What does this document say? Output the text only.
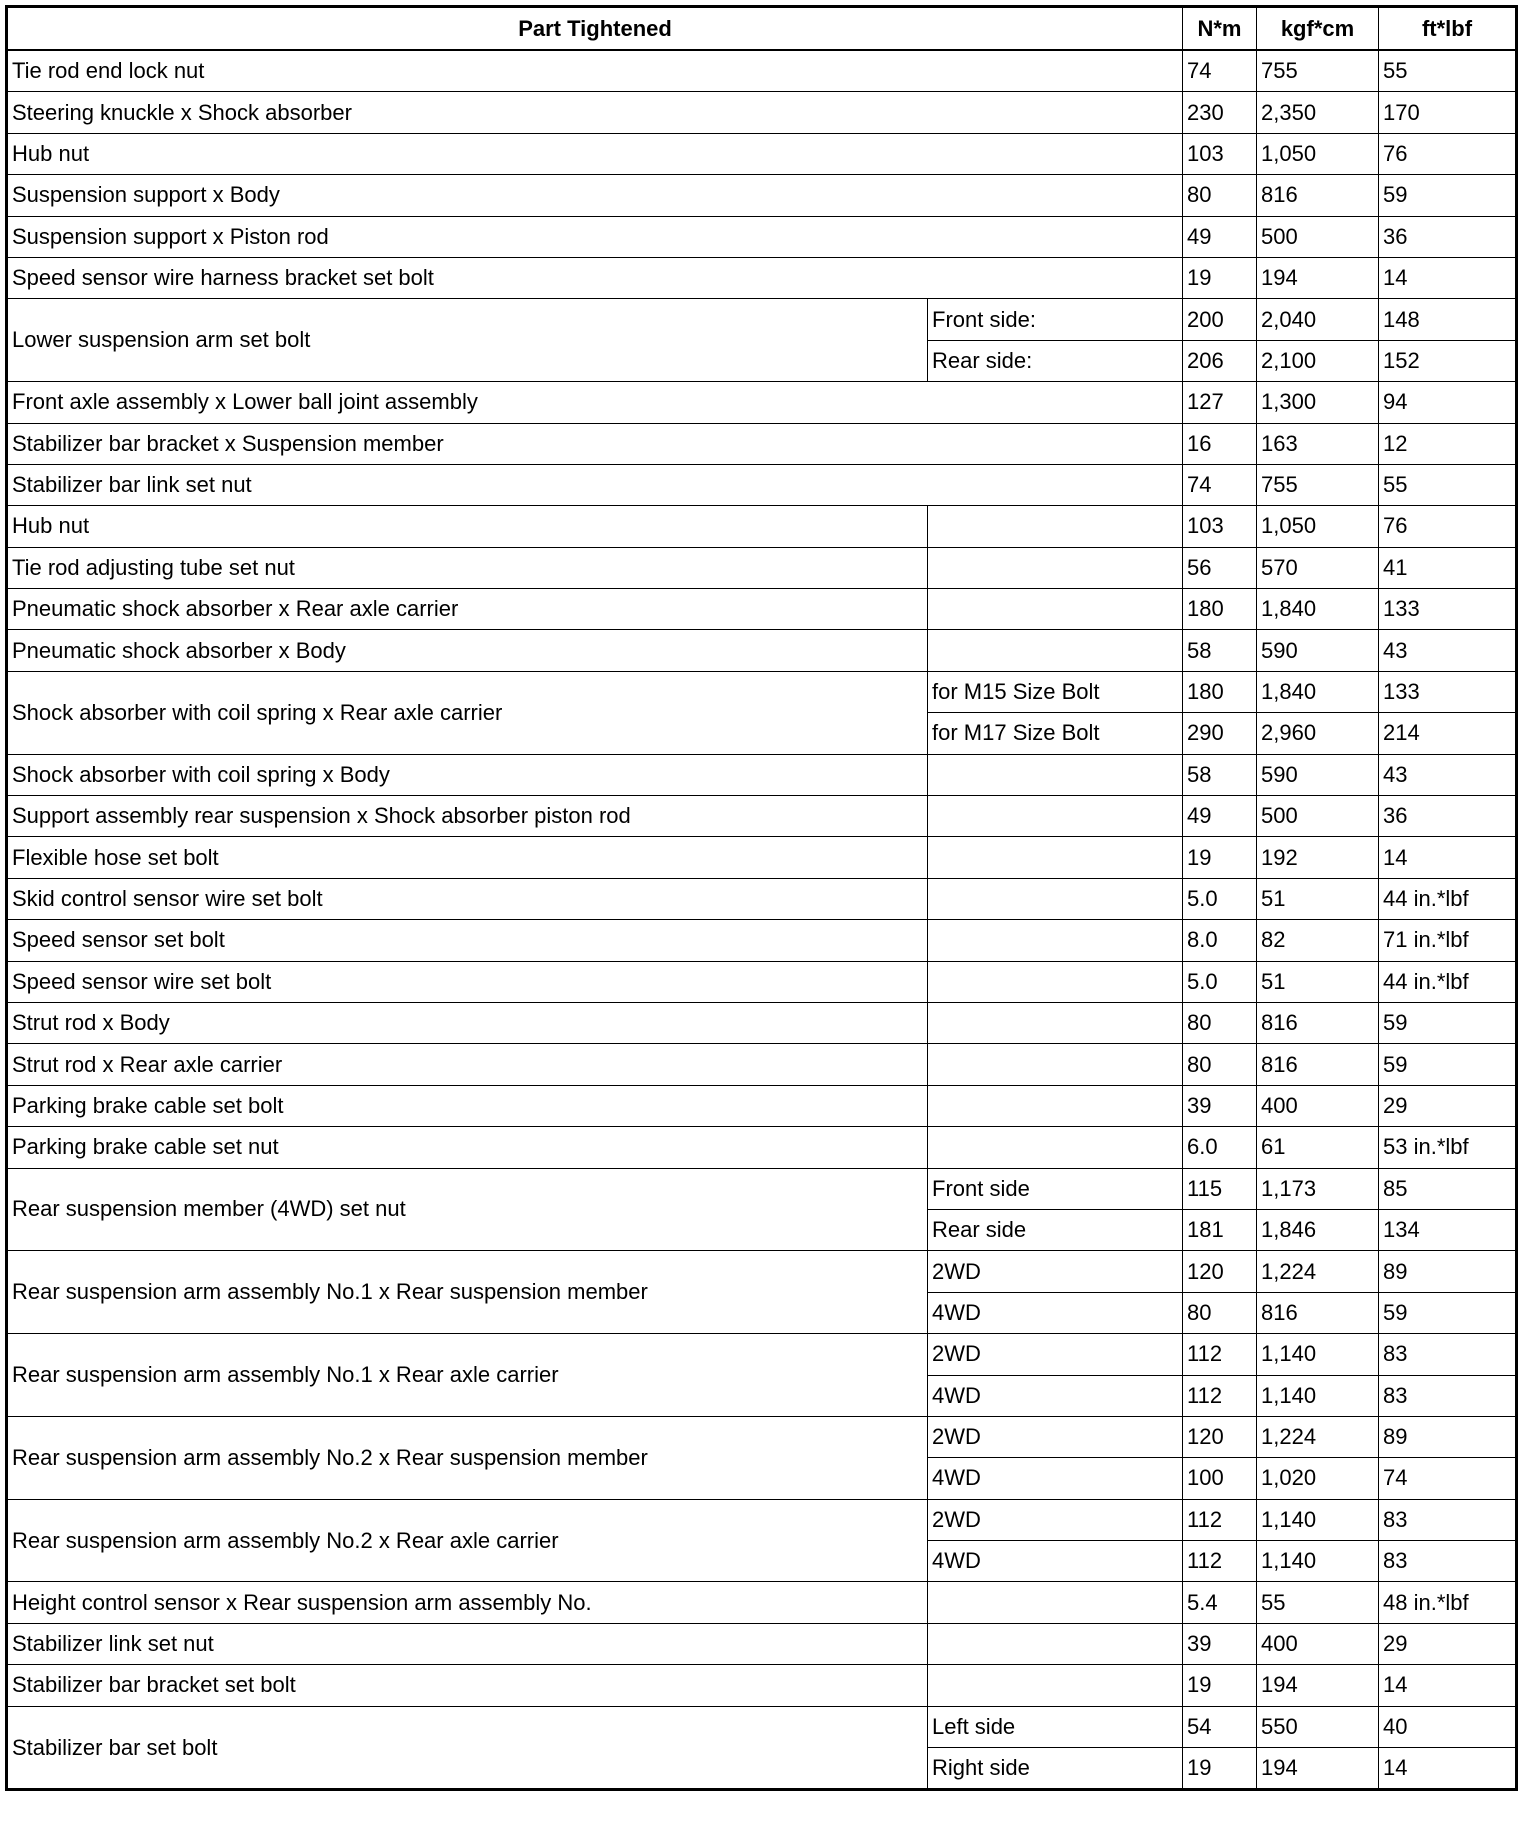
Part Tightened		N*m	kgf*cm	ft*lbf
Tie rod end lock nut		74	755	55
Steering knuckle x Shock absorber		230	2,350	170
Hub nut		103	1,050	76
Suspension support x Body		80	816	59
Suspension support x Piston rod		49	500	36
Speed sensor wire harness bracket set bolt		19	194	14
Lower suspension arm set bolt	Front side:	200	2,040	148
	Rear side:	206	2,100	152
Front axle assembly x Lower ball joint assembly		127	1,300	94
Stabilizer bar bracket x Suspension member		16	163	12
Stabilizer bar link set nut		74	755	55
Hub nut		103	1,050	76
Tie rod adjusting tube set nut		56	570	41
Pneumatic shock absorber x Rear axle carrier		180	1,840	133
Pneumatic shock absorber x Body		58	590	43
Shock absorber with coil spring x Rear axle carrier	for M15 Size Bolt	180	1,840	133
	for M17 Size Bolt	290	2,960	214
Shock absorber with coil spring x Body		58	590	43
Support assembly rear suspension x Shock absorber piston rod		49	500	36
Flexible hose set bolt		19	192	14
Skid control sensor wire set bolt		5.0	51	44 in.*lbf
Speed sensor set bolt		8.0	82	71 in.*lbf
Speed sensor wire set bolt		5.0	51	44 in.*lbf
Strut rod x Body		80	816	59
Strut rod x Rear axle carrier		80	816	59
Parking brake cable set bolt		39	400	29
Parking brake cable set nut		6.0	61	53 in.*lbf
Rear suspension member (4WD) set nut	Front side	115	1,173	85
	Rear side	181	1,846	134
Rear suspension arm assembly No.1 x Rear suspension member	2WD	120	1,224	89
	4WD	80	816	59
Rear suspension arm assembly No.1 x Rear axle carrier	2WD	112	1,140	83
	4WD	112	1,140	83
Rear suspension arm assembly No.2 x Rear suspension member	2WD	120	1,224	89
	4WD	100	1,020	74
Rear suspension arm assembly No.2 x Rear axle carrier	2WD	112	1,140	83
	4WD	112	1,140	83
Height control sensor x Rear suspension arm assembly No.		5.4	55	48 in.*lbf
Stabilizer link set nut		39	400	29
Stabilizer bar bracket set bolt		19	194	14
Stabilizer bar set bolt	Left side	54	550	40
	Right side	19	194	14
